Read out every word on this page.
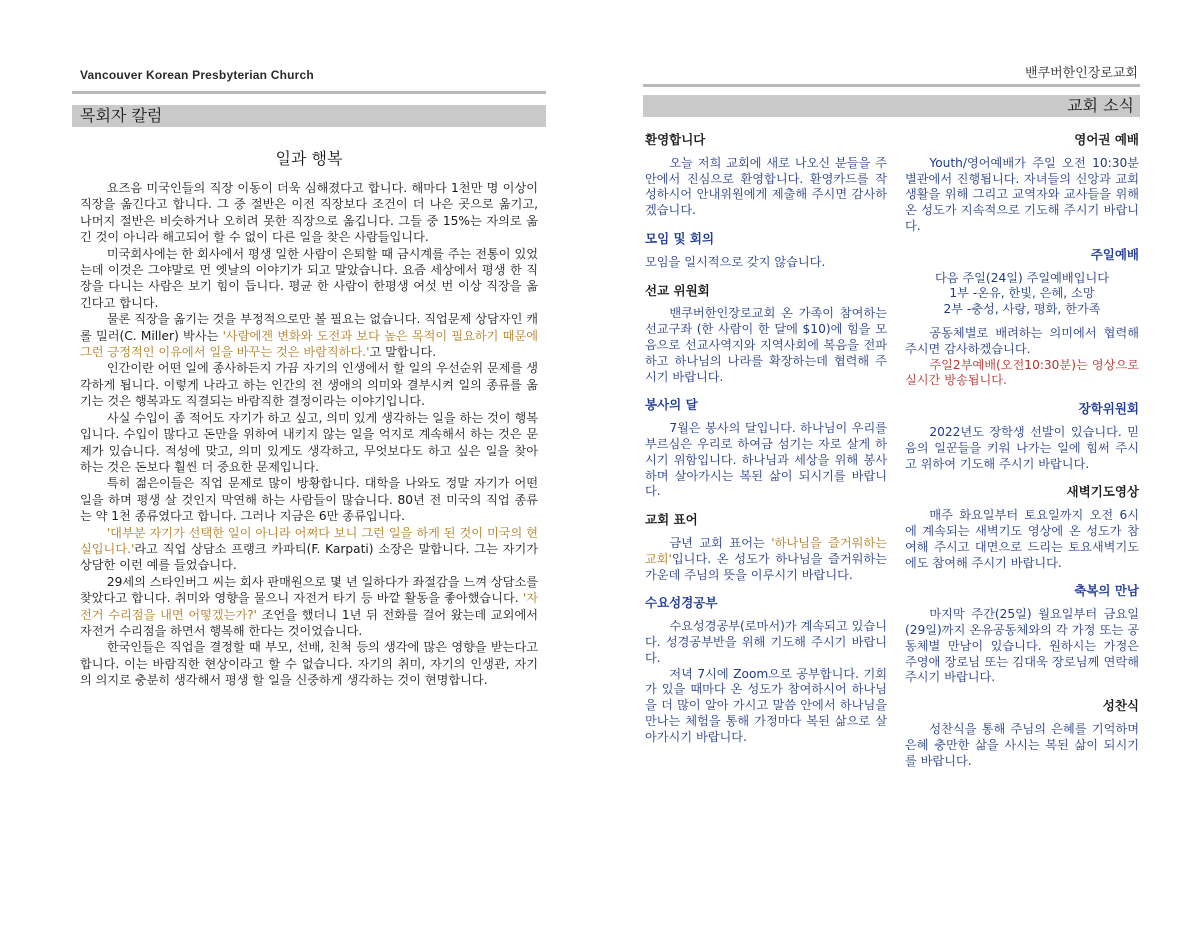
Vancouver Korean Presbyterian Church
목회자 칼럼
일과 행복

요즈음 미국인들의 직장 이동이 더욱 심해졌다고 합니다. 해마다 1천만 명 이상이 직장을 옮긴다고 합니다. 그 중 절반은 이전 직장보다 조건이 더 나은 곳으로 옮기고, 나머지 절반은 비슷하거나 오히려 못한 직장으로 옮깁니다. 그들 중 15%는 자의로 옮긴 것이 아니라 해고되어 할 수 없이 다른 일을 찾은 사람들입니다.

미국회사에는 한 회사에서 평생 일한 사람이 은퇴할 때 금시계를 주는 전통이 있었는데 이것은 그야말로 먼 옛날의 이야기가 되고 말았습니다. 요즘 세상에서 평생 한 직장을 다니는 사람은 보기 힘이 듭니다. 평균 한 사람이 한평생 여섯 번 이상 직장을 옮긴다고 합니다.

물론 직장을 옮기는 것을 부정적으로만 볼 필요는 없습니다. 직업문제 상담자인 캐롤 밀러(C. Miller) 박사는 '사람에겐 변화와 도전과 보다 높은 목적이 필요하기 때문에 그런 긍정적인 이유에서 일을 바꾸는 것은 바람직하다.'고 말합니다.

인간이란 어떤 일에 종사하든지 가끔 자기의 인생에서 할 일의 우선순위 문제를 생각하게 됩니다. 이렇게 나라고 하는 인간의 전 생애의 의미와 결부시켜 일의 종류를 옮기는 것은 행복과도 직결되는 바람직한 결정이라는 이야기입니다.

사실 수입이 좀 적어도 자기가 하고 싶고, 의미 있게 생각하는 일을 하는 것이 행복입니다. 수입이 많다고 돈만을 위하여 내키지 않는 일을 억지로 계속해서 하는 것은 문제가 있습니다. 적성에 맞고, 의미 있게도 생각하고, 무엇보다도 하고 싶은 일을 찾아 하는 것은 돈보다 훨씬 더 중요한 문제입니다.

특히 젊은이들은 직업 문제로 많이 방황합니다. 대학을 나와도 정말 자기가 어떤 일을 하며 평생 살 것인지 막연해 하는 사람들이 많습니다. 80년 전 미국의 직업 종류는 약 1천 종류였다고 합니다. 그러나 지금은 6만 종류입니다.

'대부분 자기가 선택한 일이 아니라 어쩌다 보니 그런 일을 하게 된 것이 미국의 현실입니다.'라고 직업 상담소 프랭크 카파티(F. Karpati) 소장은 말합니다. 그는 자기가 상담한 이런 예를 들었습니다.

29세의 스타인버그 씨는 회사 판매원으로 몇 년 일하다가 좌절감을 느껴 상담소를 찾았다고 합니다. 취미와 영향을 물으니 자전거 타기 등 바깥 활동을 좋아했습니다. '자전거 수리점을 내면 어떻겠는가?' 조언을 했더니 1년 뒤 전화를 걸어 왔는데 교외에서 자전거 수리점을 하면서 행복해 한다는 것이었습니다.

한국인들은 직업을 결정할 때 부모, 선배, 친척 등의 생각에 많은 영향을 받는다고 합니다. 이는 바람직한 현상이라고 할 수 없습니다. 자기의 취미, 자기의 인생관, 자기의 의지로 충분히 생각해서 평생 할 일을 신중하게 생각하는 것이 현명합니다.

밴쿠버한인장로교회
교회 소식
환영합니다

오늘 저희 교회에 새로 나오신 분들을 주 안에서 진심으로 환영합니다. 환영카드를 작성하시어 안내위원에게 제출해 주시면 감사하겠습니다.

모임 및 회의
모임을 일시적으로 갖지 않습니다.
선교 위원회

밴쿠버한인장로교회 온 가족이 참여하는 선교구좌 (한 사람이 한 달에 $10)에 힘을 모음으로 선교사역지와 지역사회에 복음을 전파하고 하나님의 나라를 확장하는데 협력해 주시기 바랍니다.

봉사의 달

7월은 봉사의 달입니다. 하나님이 우리를 부르심은 우리로 하여금 섬기는 자로 살게 하시기 위함입니다. 하나님과 세상을 위해 봉사하며 살아가시는 복된 삶이 되시기를 바랍니다.

교회 표어

금년 교회 표어는 '하나님을 즐거워하는 교회'입니다. 온 성도가 하나님을 즐거워하는 가운데 주님의 뜻을 이루시기 바랍니다.

수요성경공부

수요성경공부(로마서)가 계속되고 있습니다. 성경공부반을 위해 기도해 주시기 바랍니다.

저녁 7시에 Zoom으로 공부합니다. 기회가 있을 때마다 온 성도가 참여하시어 하나님을 더 많이 알아 가시고 말씀 안에서 하나님을 만나는 체험을 통해 가정마다 복된 삶으로 살아가시기 바랍니다.

영어권 예배

Youth/영어예배가 주일 오전 10:30분 별관에서 진행됩니다. 자녀들의 신앙과 교회생활을 위해 그리고 교역자와 교사들을 위해 온 성도가 지속적으로 기도해 주시기 바랍니다.

주일예배
다음 주일(24일) 주일예배입니다
1부 -온유, 한빛, 은혜, 소망
2부 -충성, 사랑, 평화, 한가족

공동체별로 배려하는 의미에서 협력해 주시면 감사하겠습니다.

주일2부예배(오전10:30분)는 영상으로 실시간 방송됩니다.

장학위원회

2022년도 장학생 선발이 있습니다. 믿음의 일꾼들을 키워 나가는 일에 힘써 주시고 위하여 기도해 주시기 바랍니다.

새벽기도영상

매주 화요일부터 토요일까지 오전 6시에 계속되는 새벽기도 영상에 온 성도가 참여해 주시고 대면으로 드리는 토요새벽기도에도 참여해 주시기 바랍니다.

축복의 만남

마지막 주간(25일) 월요일부터 금요일(29일)까지 온유공동체와의 각 가정 또는 공동체별 만남이 있습니다. 원하시는 가정은 주영애 장로님 또는 김대욱 장로님께 연락해 주시기 바랍니다.

성찬식

성찬식을 통해 주님의 은혜를 기억하며 은혜 충만한 삶을 사시는 복된 삶이 되시기를 바랍니다.
